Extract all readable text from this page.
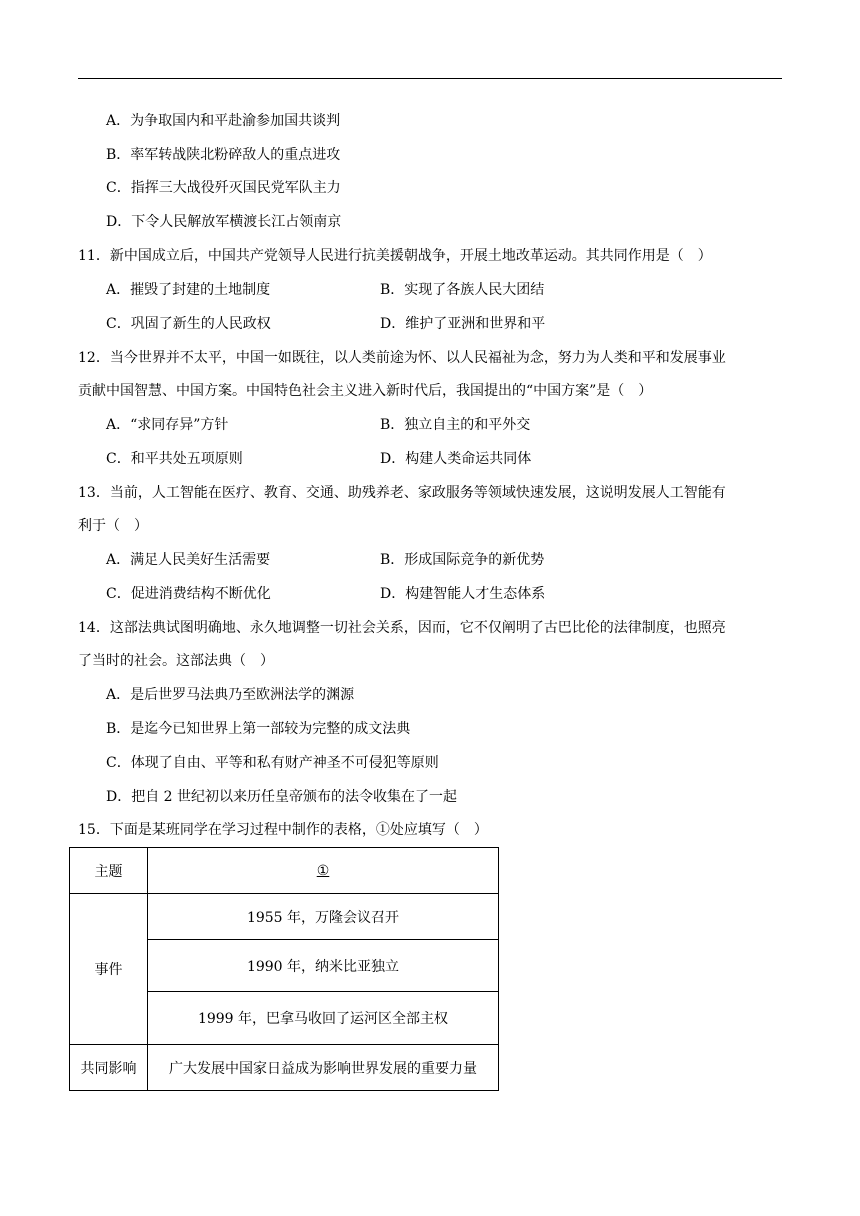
A．为争取国内和平赴渝参加国共谈判
B．率军转战陕北粉碎敌人的重点进攻
C．指挥三大战役歼灭国民党军队主力
D．下令人民解放军横渡长江占领南京
11．新中国成立后，中国共产党领导人民进行抗美援朝战争，开展土地改革运动。其共同作用是（　）
A．摧毁了封建的土地制度	B．实现了各族人民大团结
C．巩固了新生的人民政权	D．维护了亚洲和世界和平
12．当今世界并不太平，中国一如既往，以人类前途为怀、以人民福祉为念，努力为人类和平和发展事业
贡献中国智慧、中国方案。中国特色社会主义进入新时代后，我国提出的“中国方案”是（　）
A．“求同存异”方针	B．独立自主的和平外交
C．和平共处五项原则	D．构建人类命运共同体
13．当前，人工智能在医疗、教育、交通、助残养老、家政服务等领域快速发展，这说明发展人工智能有
利于（　）
A．满足人民美好生活需要	B．形成国际竞争的新优势
C．促进消费结构不断优化	D．构建智能人才生态体系
14．这部法典试图明确地、永久地调整一切社会关系，因而，它不仅阐明了古巴比伦的法律制度，也照亮
了当时的社会。这部法典（　）
A．是后世罗马法典乃至欧洲法学的渊源
B．是迄今已知世界上第一部较为完整的成文法典
C．体现了自由、平等和私有财产神圣不可侵犯等原则
D．把自 2 世纪初以来历任皇帝颁布的法令收集在了一起
15．下面是某班同学在学习过程中制作的表格，①处应填写（　）
主题	①
事件	1955 年，万隆会议召开
	1990 年，纳米比亚独立
	1999 年，巴拿马收回了运河区全部主权
共同影响	广大发展中国家日益成为影响世界发展的重要力量
